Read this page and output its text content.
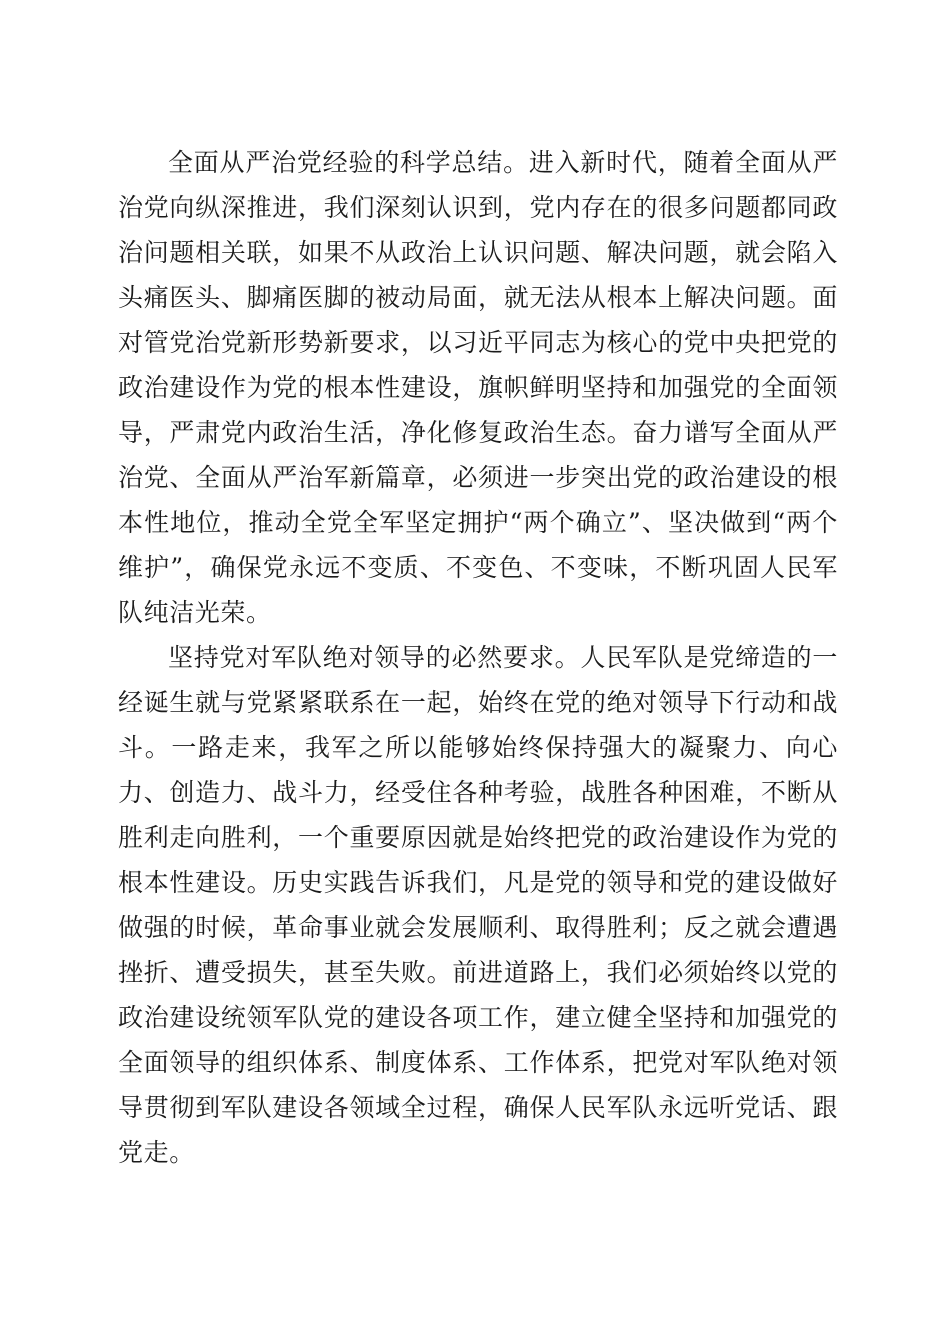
全面从严治党经验的科学总结。进入新时代，随着全面从严治党向纵深推进，我们深刻认识到，党内存在的很多问题都同政治问题相关联，如果不从政治上认识问题、解决问题，就会陷入头痛医头、脚痛医脚的被动局面，就无法从根本上解决问题。面对管党治党新形势新要求，以习近平同志为核心的党中央把党的政治建设作为党的根本性建设，旗帜鲜明坚持和加强党的全面领导，严肃党内政治生活，净化修复政治生态。奋力谱写全面从严治党、全面从严治军新篇章，必须进一步突出党的政治建设的根本性地位，推动全党全军坚定拥护“两个确立”、坚决做到“两个维护”，确保党永远不变质、不变色、不变味，不断巩固人民军队纯洁光荣。

坚持党对军队绝对领导的必然要求。人民军队是党缔造的一经诞生就与党紧紧联系在一起，始终在党的绝对领导下行动和战斗。一路走来，我军之所以能够始终保持强大的凝聚力、向心力、创造力、战斗力，经受住各种考验，战胜各种困难，不断从胜利走向胜利，一个重要原因就是始终把党的政治建设作为党的根本性建设。历史实践告诉我们，凡是党的领导和党的建设做好做强的时候，革命事业就会发展顺利、取得胜利；反之就会遭遇挫折、遭受损失，甚至失败。前进道路上，我们必须始终以党的政治建设统领军队党的建设各项工作，建立健全坚持和加强党的全面领导的组织体系、制度体系、工作体系，把党对军队绝对领导贯彻到军队建设各领域全过程，确保人民军队永远听党话、跟党走。
